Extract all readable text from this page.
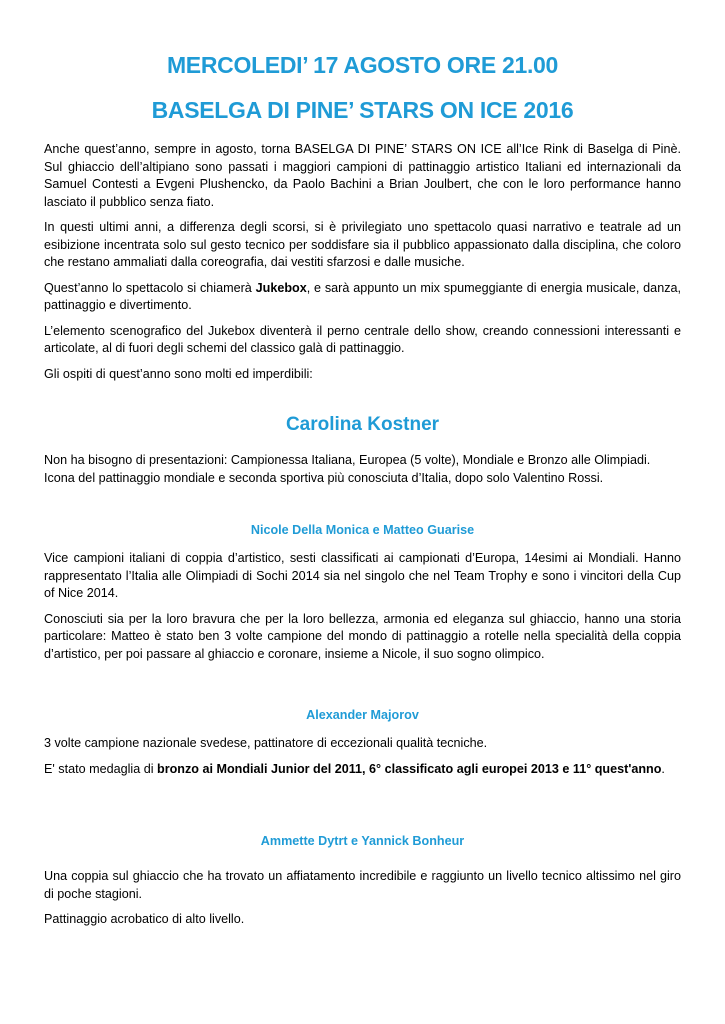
MERCOLEDI’ 17 AGOSTO ORE 21.00
BASELGA DI PINE’ STARS ON ICE 2016

Anche quest’anno, sempre in agosto, torna BASELGA DI PINE’ STARS ON ICE all’Ice Rink di Baselga di Pinè. Sul ghiaccio dell’altipiano sono passati i maggiori campioni di pattinaggio artistico Italiani ed internazionali da Samuel Contesti a Evgeni Plushencko, da Paolo Bachini a Brian Joulbert, che con le loro performance hanno lasciato il pubblico senza fiato.

In questi ultimi anni, a differenza degli scorsi, si è privilegiato uno spettacolo quasi narrativo e teatrale ad un esibizione incentrata solo sul gesto tecnico per soddisfare sia il pubblico appassionato dalla disciplina, che coloro che restano ammaliati dalla coreografia, dai vestiti sfarzosi e dalle musiche.

Quest’anno lo spettacolo si chiamerà Jukebox, e sarà appunto un mix spumeggiante di energia musicale, danza, pattinaggio e divertimento.

L’elemento scenografico del Jukebox diventerà il perno centrale dello show, creando connessioni interessanti e articolate, al di fuori degli schemi del classico galà di pattinaggio.

Gli ospiti di quest’anno sono molti ed imperdibili:

Carolina Kostner

Non ha bisogno di presentazioni: Campionessa Italiana, Europea (5 volte), Mondiale e Bronzo alle Olimpiadi.

Icona del pattinaggio mondiale e seconda sportiva più conosciuta d’Italia, dopo solo Valentino Rossi.

Nicole Della Monica e Matteo Guarise

Vice campioni italiani di coppia d’artistico, sesti classificati ai campionati d’Europa, 14esimi ai Mondiali. Hanno rappresentato l’Italia alle Olimpiadi di Sochi 2014 sia nel singolo che nel Team Trophy e sono i vincitori della Cup of Nice 2014.

Conosciuti sia per la loro bravura che per la loro bellezza, armonia ed eleganza sul ghiaccio, hanno una storia particolare: Matteo è stato ben 3 volte campione del mondo di pattinaggio a rotelle nella specialità della coppia d’artistico, per poi passare al ghiaccio e coronare, insieme a Nicole, il suo sogno olimpico.

Alexander Majorov

3 volte campione nazionale svedese, pattinatore di eccezionali qualità tecniche.

E' stato medaglia di bronzo ai Mondiali Junior del 2011, 6° classificato agli europei 2013 e 11° quest'anno.

Ammette Dytrt e Yannick Bonheur

Una coppia sul ghiaccio che ha trovato un affiatamento incredibile e raggiunto un livello tecnico altissimo nel giro di poche stagioni.

Pattinaggio acrobatico di alto livello.
